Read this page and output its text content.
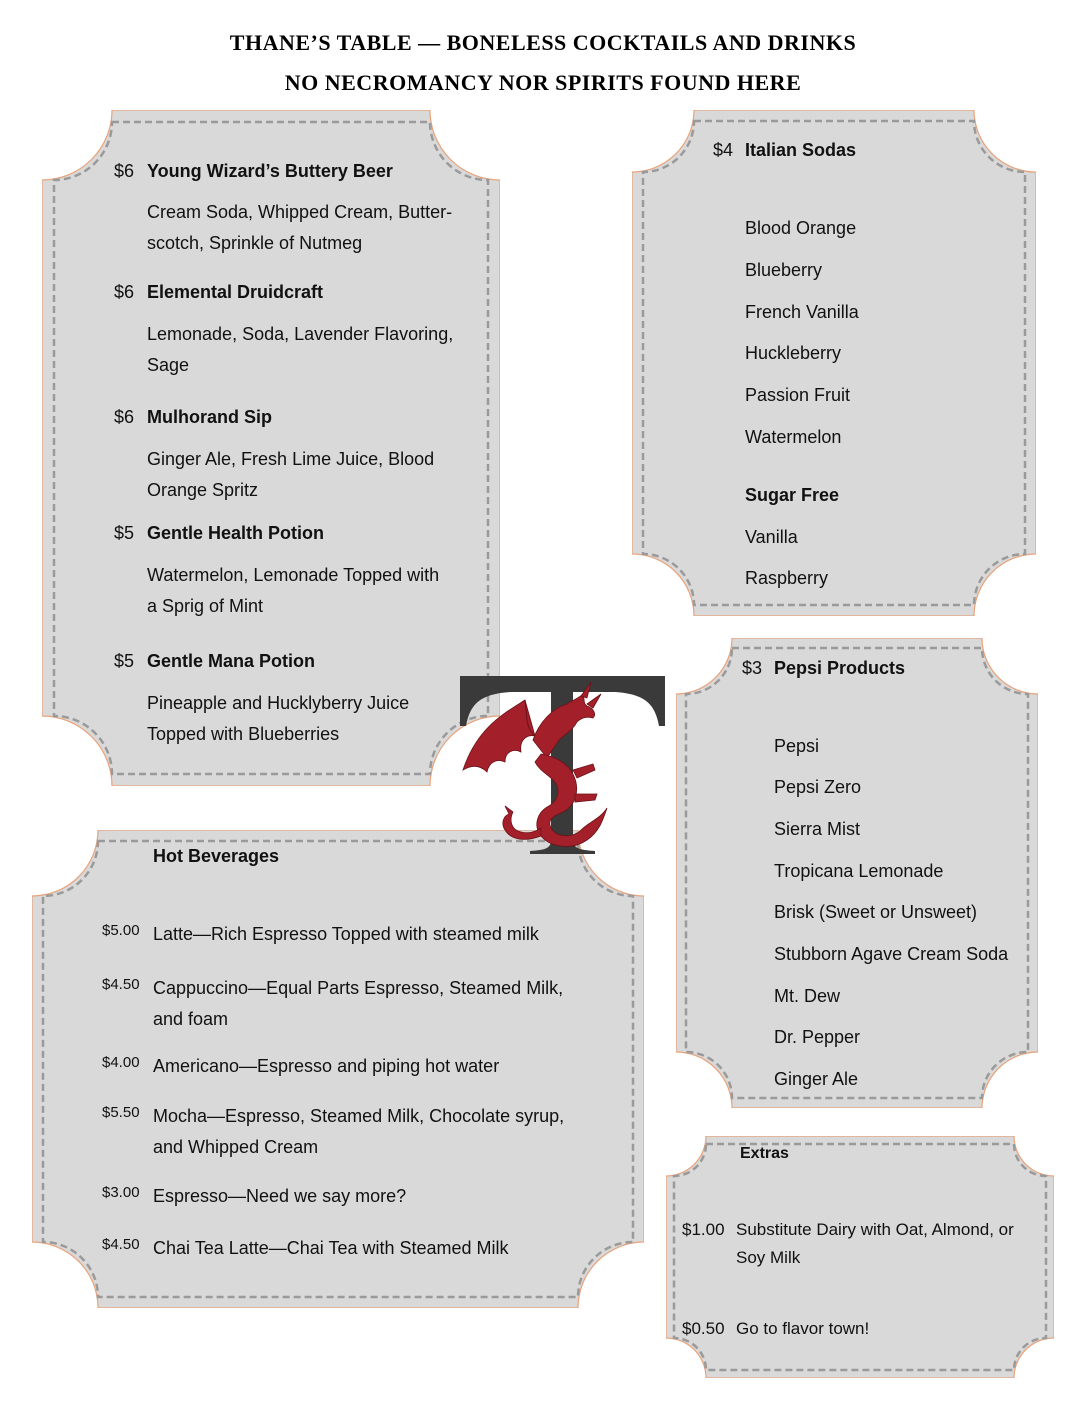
THANE’S TABLE — BONELESS COCKTAILS AND DRINKS
NO NECROMANCY NOR SPIRITS FOUND HERE
$6 Young Wizard’s Buttery Beer
Cream Soda, Whipped Cream, Butter-
scotch, Sprinkle of Nutmeg
$6 Elemental Druidcraft
Lemonade, Soda, Lavender Flavoring,
Sage
$6 Mulhorand Sip
Ginger Ale, Fresh Lime Juice, Blood
Orange Spritz
$5 Gentle Health Potion
Watermelon, Lemonade Topped with
a Sprig of Mint
$5 Gentle Mana Potion
Pineapple and Hucklyberry Juice
Topped with Blueberries
$4 Italian Sodas
Blood Orange
Blueberry
French Vanilla
Huckleberry
Passion Fruit
Watermelon
Sugar Free
Vanilla
Raspberry
$3 Pepsi Products
Pepsi
Pepsi Zero
Sierra Mist
Tropicana Lemonade
Brisk (Sweet or Unsweet)
Stubborn Agave Cream Soda
Mt. Dew
Dr. Pepper
Ginger Ale
Hot Beverages
$5.00 Latte—Rich Espresso Topped with steamed milk
$4.50 Cappuccino—Equal Parts Espresso, Steamed Milk,
and foam
$4.00 Americano—Espresso and piping hot water
$5.50 Mocha—Espresso, Steamed Milk, Chocolate syrup,
and Whipped Cream
$3.00 Espresso—Need we say more?
$4.50 Chai Tea Latte—Chai Tea with Steamed Milk
Extras
$1.00 Substitute Dairy with Oat, Almond, or
Soy Milk
$0.50 Go to flavor town!
